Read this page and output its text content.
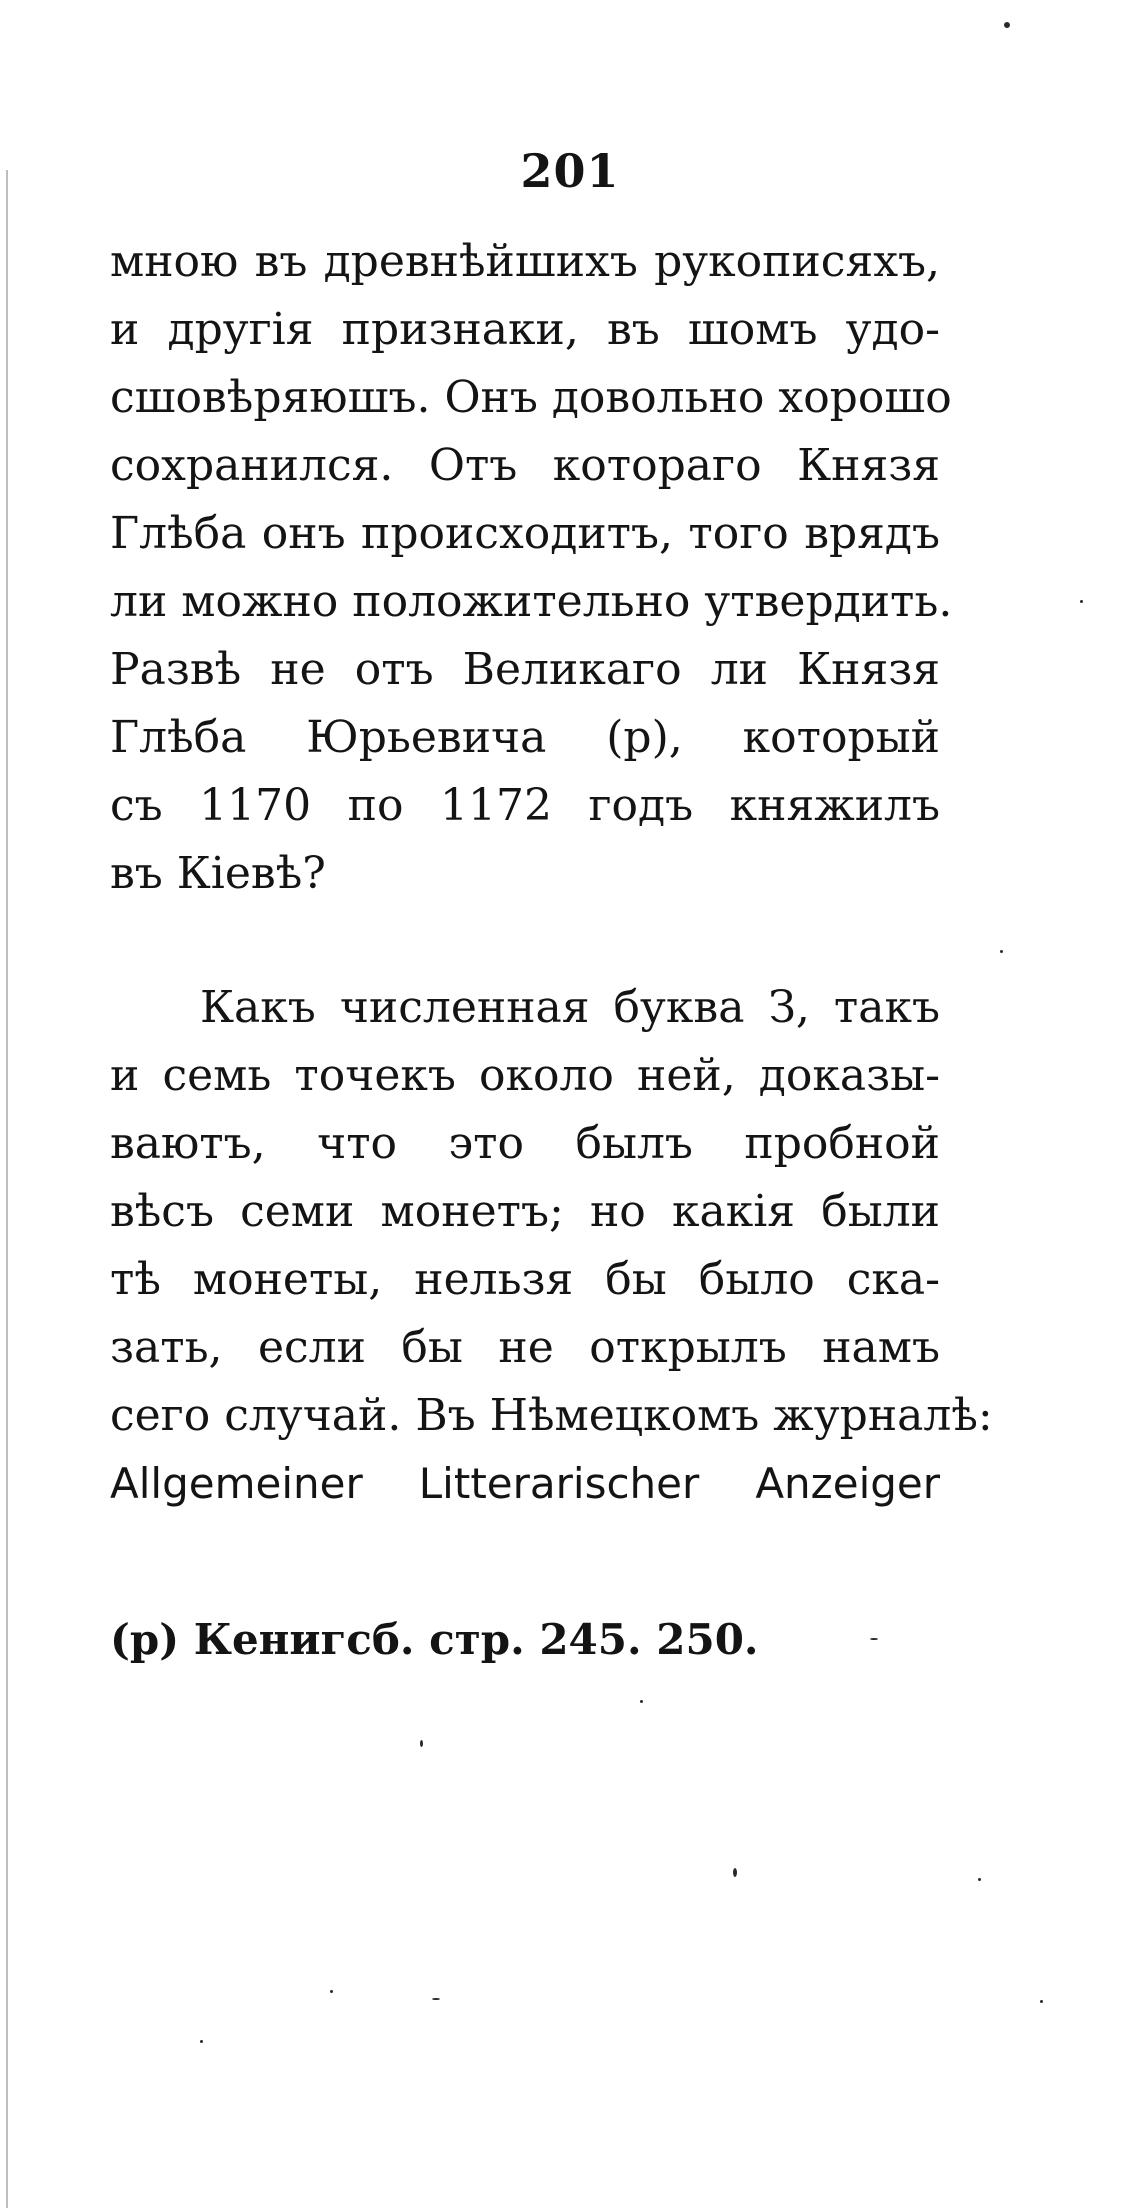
201
мною въ древнѣйшихъ рукописяхъ,
и другія признаки, въ шомъ удо-
сшовѣряюшъ. Онъ довольно хорошо
сохранился. Отъ котораго Князя
Глѣба онъ происходитъ, того врядъ
ли можно положительно утвердить.
Развѣ не отъ Великаго ли Князя
Глѣба Юрьевича (р), который
съ 1170 по 1172 годъ княжилъ
въ Кіевѣ?
Какъ численная буква З, такъ
и семь точекъ около ней, доказы-
ваютъ, что это былъ пробной
вѣсъ семи монетъ; но какія были
тѣ монеты, нельзя бы было ска-
зать, если бы не открылъ намъ
сего случай. Въ Нѣмецкомъ журналѣ:
Allgemeiner Litterarischer Anzeiger
(р) Кенигсб. стр. 245. 250.
